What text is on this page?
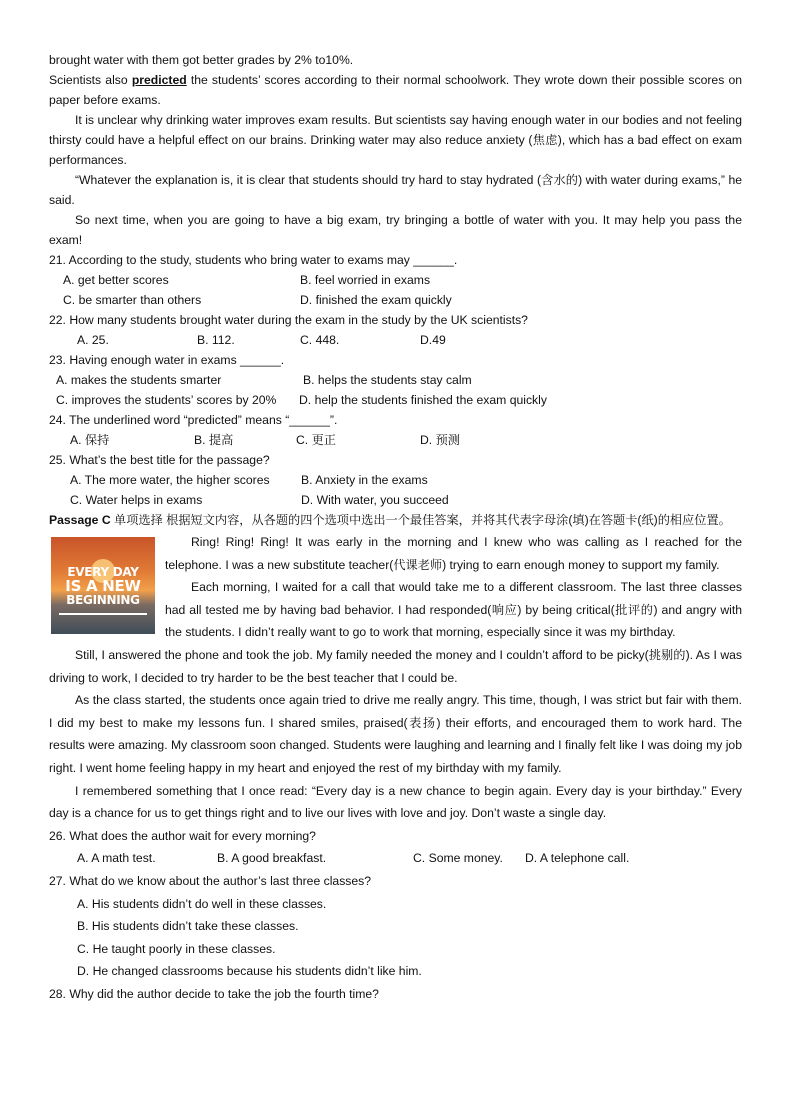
brought water with them got better grades by 2% to10%.

Scientists also predicted the students’ scores according to their normal schoolwork. They wrote down their possible scores on paper before exams.

It is unclear why drinking water improves exam results. But scientists say having enough water in our bodies and not feeling thirsty could have a helpful effect on our brains. Drinking water may also reduce anxiety (焦虑), which has a bad effect on exam performances.

“Whatever the explanation is, it is clear that students should try hard to stay hydrated (含水的) with water during exams,” he said.

So next time, when you are going to have a big exam, try bringing a bottle of water with you. It may help you pass the exam!

21. According to the study, students who bring water to exams may ______.

A. get better scores	B. feel worried in exams
C. be smarter than others	D. finished the exam quickly

22. How many students brought water during the exam in the study by the UK scientists?

A. 25.	B. 112.	C. 448.	D.49

23. Having enough water in exams ______.

A. makes the students smarter	B. helps the students stay calm
C. improves the students’ scores by 20% D. help the students finished the exam quickly

24. The underlined word “predicted” means “______”.

A. 保持	B. 提高	C. 更正	D. 预测

25. What’s the best title for the passage?

A. The more water, the higher scores	B. Anxiety in the exams
C. Water helps in exams	D. With water, you succeed

Passage C 单项选择 根据短文内容，从各题的四个选项中选出一个最佳答案，并将其代表字母涂(填)在答题卡(纸)的相应位置。

EVERY DAY
IS A NEW
BEGINNING

Ring! Ring! Ring! It was early in the morning and I knew who was calling as I reached for the telephone. I was a new substitute teacher(代课老师) trying to earn enough money to support my family.

Each morning, I waited for a call that would take me to a different classroom. The last three classes had all tested me by having bad behavior. I had responded(响应) by being critical(批评的) and angry with the students. I didn’t really want to go to work that morning, especially since it was my birthday.

Still, I answered the phone and took the job. My family needed the money and I couldn’t afford to be picky(挑剔的). As I was driving to work, I decided to try harder to be the best teacher that I could be.

As the class started, the students once again tried to drive me really angry. This time, though, I was strict but fair with them. I did my best to make my lessons fun. I shared smiles, praised(表扬) their efforts, and encouraged them to work hard. The results were amazing. My classroom soon changed. Students were laughing and learning and I finally felt like I was doing my job right. I went home feeling happy in my heart and enjoyed the rest of my birthday with my family.

I remembered something that I once read: “Every day is a new chance to begin again. Every day is your birthday.” Every day is a chance for us to get things right and to live our lives with love and joy. Don’t waste a single day.

26. What does the author wait for every morning?

A. A math test.	B. A good breakfast.	C. Some money. D. A telephone call.

27. What do we know about the author’s last three classes?

A. His students didn’t do well in these classes.
B. His students didn’t take these classes.
C. He taught poorly in these classes.
D. He changed classrooms because his students didn’t like him.

28. Why did the author decide to take the job the fourth time?
